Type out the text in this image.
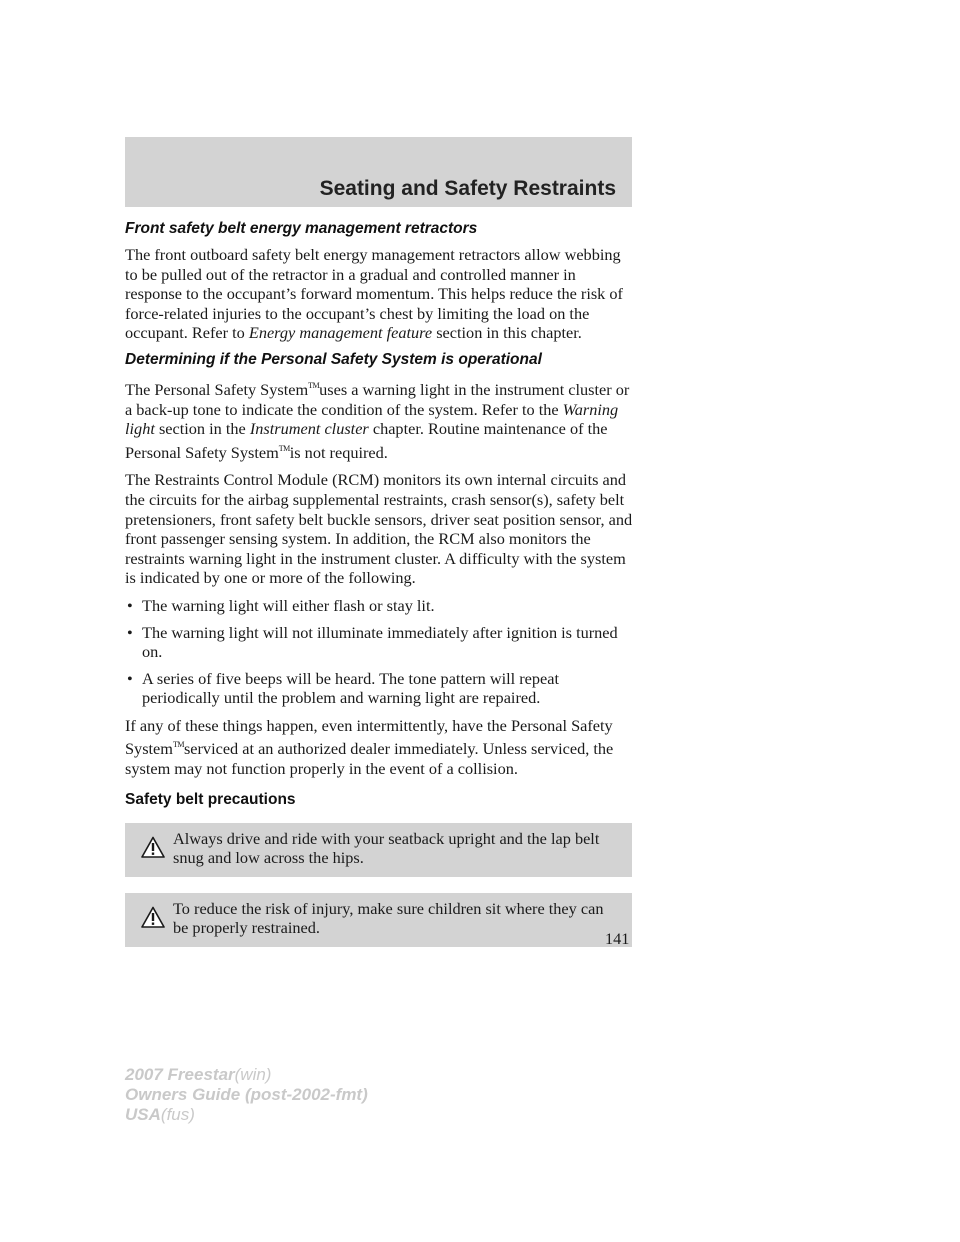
Seating and Safety Restraints
Front safety belt energy management retractors

The front outboard safety belt energy management retractors allow webbing to be pulled out of the retractor in a gradual and controlled manner in response to the occupant’s forward momentum. This helps reduce the risk of force-related injuries to the occupant’s chest by limiting the load on the occupant. Refer to Energy management feature section in this chapter.

Determining if the Personal Safety System is operational

The Personal Safety System™uses a warning light in the instrument cluster or a back-up tone to indicate the condition of the system. Refer to the Warning light section in the Instrument cluster chapter. Routine maintenance of the Personal Safety System™is not required.

The Restraints Control Module (RCM) monitors its own internal circuits and the circuits for the airbag supplemental restraints, crash sensor(s), safety belt pretensioners, front safety belt buckle sensors, driver seat position sensor, and front passenger sensing system. In addition, the RCM also monitors the restraints warning light in the instrument cluster. A difficulty with the system is indicated by one or more of the following.

• The warning light will either flash or stay lit.
• The warning light will not illuminate immediately after ignition is turned on.
• A series of five beeps will be heard. The tone pattern will repeat periodically until the problem and warning light are repaired.

If any of these things happen, even intermittently, have the Personal Safety System™serviced at an authorized dealer immediately. Unless serviced, the system may not function properly in the event of a collision.

Safety belt precautions

Always drive and ride with your seatback upright and the lap belt snug and low across the hips.

To reduce the risk of injury, make sure children sit where they can be properly restrained.

141
2007 Freestar(win)
Owners Guide (post-2002-fmt)
USA(fus)
